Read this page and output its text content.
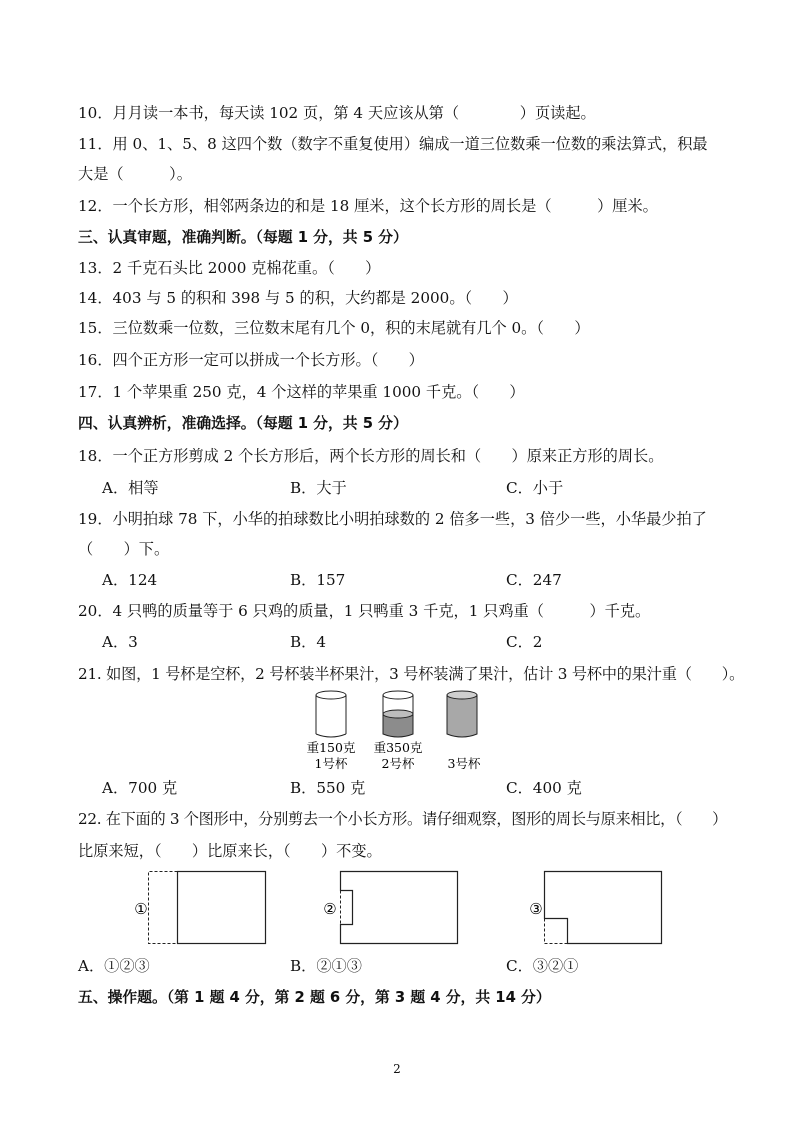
10．月月读一本书，每天读 102 页，第 4 天应该从第（　　　　）页读起。
11．用 0、1、5、8 这四个数（数字不重复使用）编成一道三位数乘一位数的乘法算式，积最
大是（　　　）。
12．一个长方形，相邻两条边的和是 18 厘米，这个长方形的周长是（　　　）厘米。
三、认真审题，准确判断。（每题 1 分，共 5 分）
13．2 千克石头比 2000 克棉花重。（　　）
14．403 与 5 的积和 398 与 5 的积，大约都是 2000。（　　）
15．三位数乘一位数，三位数末尾有几个 0，积的末尾就有几个 0。（　　）
16．四个正方形一定可以拼成一个长方形。（　　）
17．1 个苹果重 250 克，4 个这样的苹果重 1000 千克。（　　）
四、认真辨析，准确选择。（每题 1 分，共 5 分）
18．一个正方形剪成 2 个长方形后，两个长方形的周长和（　　）原来正方形的周长。
A．相等	B．大于	C．小于
19．小明拍球 78 下，小华的拍球数比小明拍球数的 2 倍多一些，3 倍少一些，小华最少拍了
（　　）下。
A．124	B．157	C．247
20．4 只鸭的质量等于 6 只鸡的质量，1 只鸭重 3 千克，1 只鸡重（　　　）千克。
A．3	B．4	C．2
21. 如图，1 号杯是空杯，2 号杯装半杯果汁，3 号杯装满了果汁，估计 3 号杯中的果汁重（　　）。
重150克
1号杯
重350克
2号杯	3号杯
A．700 克	B．550 克	C．400 克
22. 在下面的 3 个图形中，分别剪去一个小长方形。请仔细观察，图形的周长与原来相比，（　　）
比原来短，（　　）比原来长，（　　）不变。
①	②	③
A．①②③	B．②①③	C．③②①
五、操作题。（第 1 题 4 分，第 2 题 6 分，第 3 题 4 分，共 14 分）
2
